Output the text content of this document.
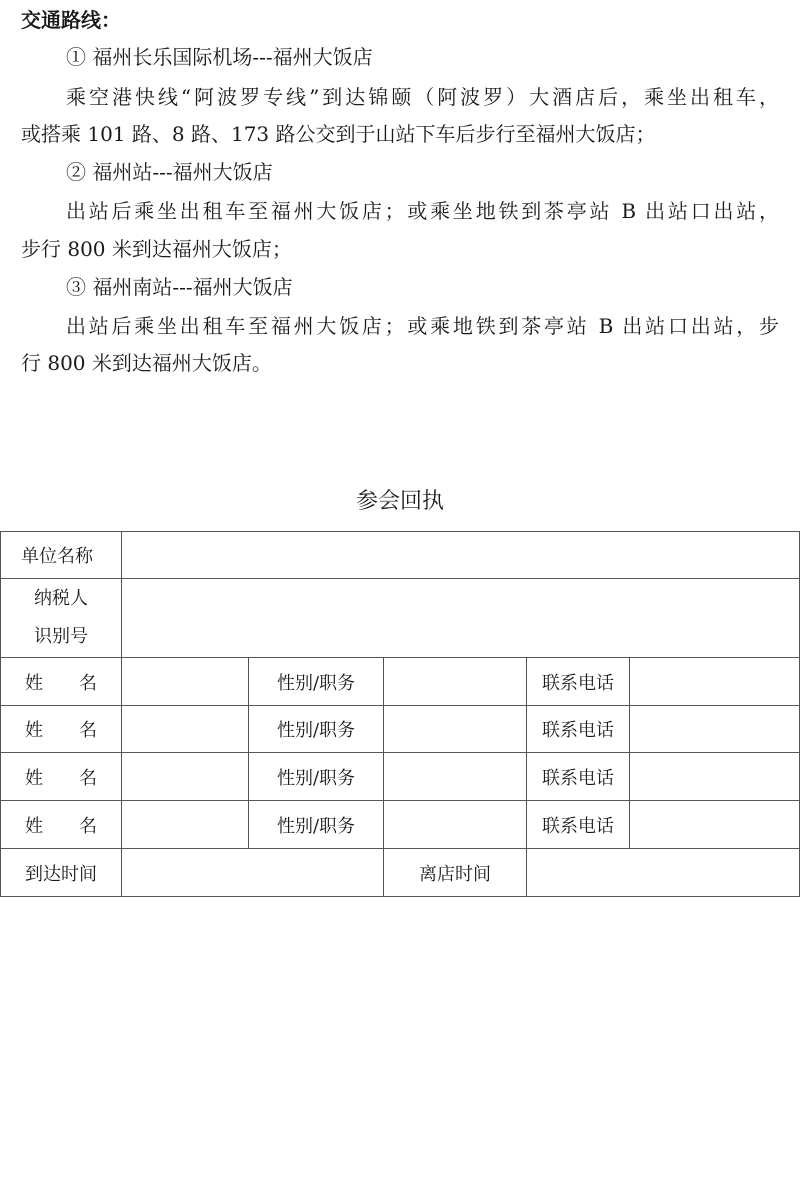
交通路线：
① 福州长乐国际机场---福州大饭店
乘空港快线“阿波罗专线”到达锦颐（阿波罗）大酒店后，乘坐出租车，
或搭乘 101 路、8 路、173 路公交到于山站下车后步行至福州大饭店；
② 福州站---福州大饭店
出站后乘坐出租车至福州大饭店；或乘坐地铁到茶亭站 B 出站口出站，
步行 800 米到达福州大饭店；
③ 福州南站---福州大饭店
出站后乘坐出租车至福州大饭店；或乘地铁到茶亭站 B 出站口出站，步
行 800 米到达福州大饭店。
参会回执
单位名称					

纳税人
识别号					

姓 名		性别/职务		联系电话	
姓 名		性别/职务		联系电话	
姓 名		性别/职务		联系电话	
姓 名		性别/职务		联系电话	
到达时间			离店时间		
